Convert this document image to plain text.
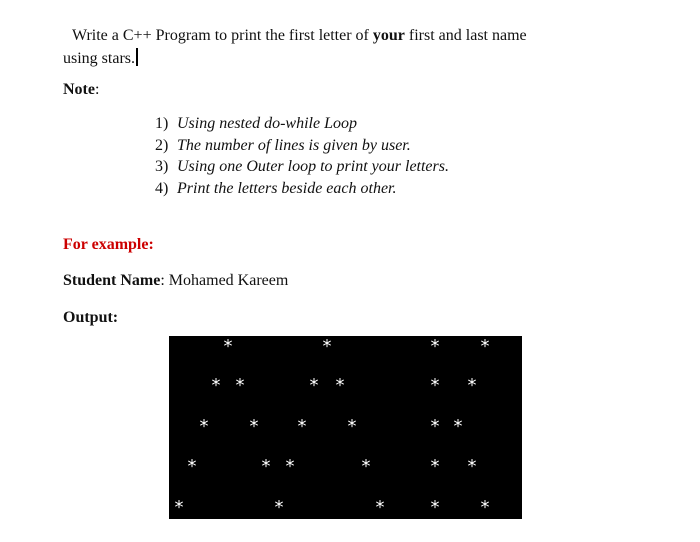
Write a C++ Program to print the first letter of your first and last name
using stars.
Note:
1) Using nested do-while Loop
2) The number of lines is given by user.
3) Using one Outer loop to print your letters.
4) Print the letters beside each other.
For example:
Student Name: Mohamed Kareem
Output:
*	*
* *	* *
* * * *
*	* *	*
*	*	*
* *
* *
* *
* *
* *
